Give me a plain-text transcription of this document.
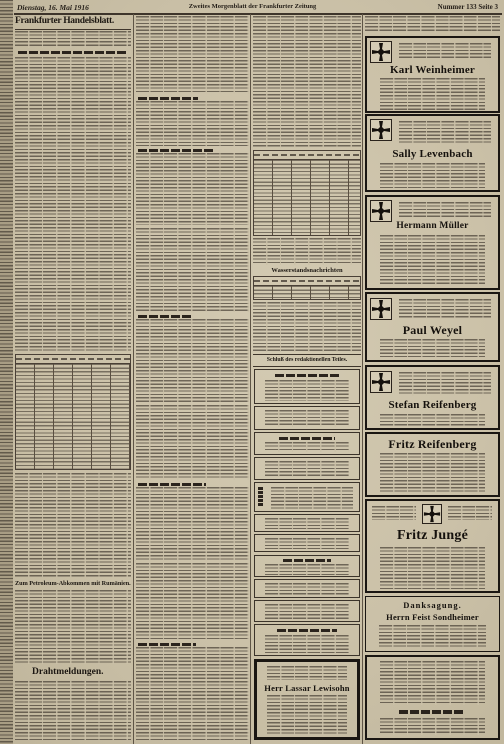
Dienstag, 16. Mai 1916	Zweites Morgenblatt der Frankfurter Zeitung	Nummer 133 Seite 3
Frankfurter Handelsblatt.
Zum Petroleum-Abkommen mit Rumänien.
Drahtmeldungen.
Wasserstandsnachrichten
Schluß des redaktionellen Teiles.
Herr Lassar Lewisohn
Karl Weinheimer
Sally Levenbach
Hermann Müller
Paul Weyel
Stefan Reifenberg
Fritz Reifenberg
Fritz Jungé
Danksagung.
Herrn Feist Sondheimer
